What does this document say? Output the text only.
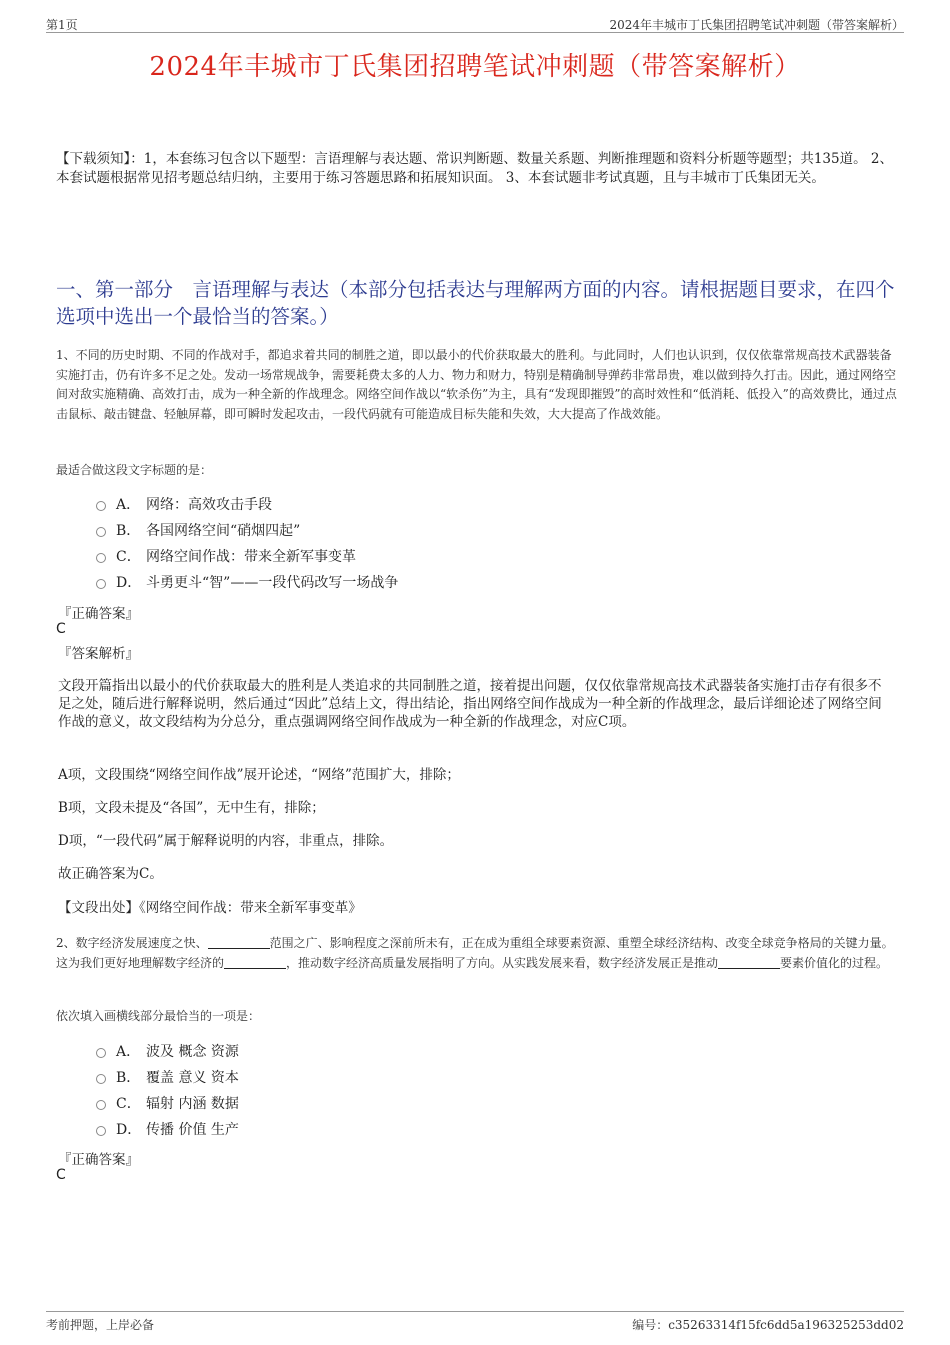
第1页	2024年丰城市丁氏集团招聘笔试冲刺题（带答案解析）
2024年丰城市丁氏集团招聘笔试冲刺题（带答案解析）
【下载须知】：1，本套练习包含以下题型：言语理解与表达题、常识判断题、数量关系题、判断推理题和资料分析题等题型；共135道。 2、本套试题根据常见招考题总结归纳，主要用于练习答题思路和拓展知识面。 3、本套试题非考试真题，且与丰城市丁氏集团无关。
一、第一部分　言语理解与表达（本部分包括表达与理解两方面的内容。请根据题目要求，在四个选项中选出一个最恰当的答案。）
1、不同的历史时期、不同的作战对手，都追求着共同的制胜之道，即以最小的代价获取最大的胜利。与此同时，人们也认识到，仅仅依靠常规高技术武器装备实施打击，仍有许多不足之处。发动一场常规战争，需要耗费太多的人力、物力和财力，特别是精确制导弹药非常昂贵，难以做到持久打击。因此，通过网络空间对敌实施精确、高效打击，成为一种全新的作战理念。网络空间作战以“软杀伤”为主，具有“发现即摧毁”的高时效性和“低消耗、低投入”的高效费比，通过点击鼠标、敲击键盘、轻触屏幕，即可瞬时发起攻击，一段代码就有可能造成目标失能和失效，大大提高了作战效能。
最适合做这段文字标题的是：
A． 网络：高效攻击手段
B． 各国网络空间“硝烟四起”
C． 网络空间作战：带来全新军事变革
D． 斗勇更斗“智”——一段代码改写一场战争
『正确答案』
C
『答案解析』
文段开篇指出以最小的代价获取最大的胜利是人类追求的共同制胜之道，接着提出问题，仅仅依靠常规高技术武器装备实施打击存有很多不足之处，随后进行解释说明，然后通过“因此”总结上文，得出结论，指出网络空间作战成为一种全新的作战理念，最后详细论述了网络空间作战的意义，故文段结构为分总分，重点强调网络空间作战成为一种全新的作战理念，对应C项。
A项，文段围绕“网络空间作战”展开论述，“网络”范围扩大，排除；
B项，文段未提及“各国”，无中生有，排除；
D项，“一段代码”属于解释说明的内容，非重点，排除。
故正确答案为C。
【文段出处】《网络空间作战：带来全新军事变革》
2、数字经济发展速度之快、	范围之广、影响程度之深前所未有，正在成为重组全球要素资源、重塑全球经济结构、改变全球竞争格局的关键力量。这为我们更好地理解数字经济的	，推动数字经济高质量发展指明了方向。从实践发展来看，数字经济发展正是推动	要素价值化的过程。
依次填入画横线部分最恰当的一项是：
A． 波及 概念 资源
B． 覆盖 意义 资本
C． 辐射 内涵 数据
D． 传播 价值 生产
『正确答案』
C
考前押题，上岸必备	编号：c35263314f15fc6dd5a196325253dd02
